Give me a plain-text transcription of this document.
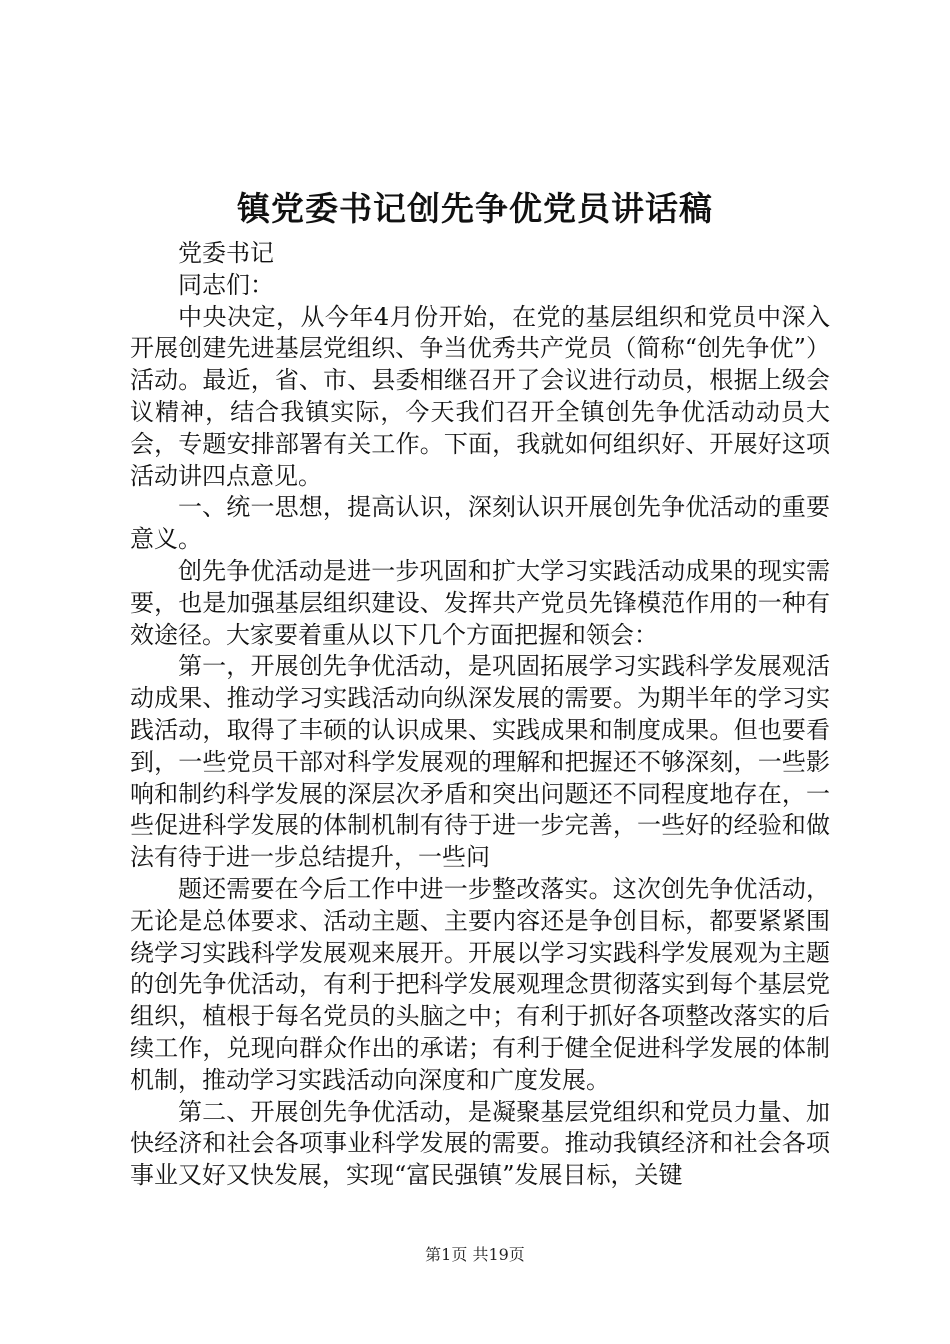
镇党委书记创先争优党员讲话稿

党委书记

同志们：

中央决定，从今年4月份开始，在党的基层组织和党员中深入开展创建先进基层党组织、争当优秀共产党员（简称“创先争优”）活动。最近，省、市、县委相继召开了会议进行动员，根据上级会议精神，结合我镇实际，今天我们召开全镇创先争优活动动员大会，专题安排部署有关工作。下面，我就如何组织好、开展好这项活动讲四点意见。

一、统一思想，提高认识，深刻认识开展创先争优活动的重要意义。

创先争优活动是进一步巩固和扩大学习实践活动成果的现实需要，也是加强基层组织建设、发挥共产党员先锋模范作用的一种有效途径。大家要着重从以下几个方面把握和领会：

第一，开展创先争优活动，是巩固拓展学习实践科学发展观活动成果、推动学习实践活动向纵深发展的需要。为期半年的学习实践活动，取得了丰硕的认识成果、实践成果和制度成果。但也要看到，一些党员干部对科学发展观的理解和把握还不够深刻，一些影响和制约科学发展的深层次矛盾和突出问题还不同程度地存在，一些促进科学发展的体制机制有待于进一步完善，一些好的经验和做法有待于进一步总结提升，一些问

题还需要在今后工作中进一步整改落实。这次创先争优活动，无论是总体要求、活动主题、主要内容还是争创目标，都要紧紧围绕学习实践科学发展观来展开。开展以学习实践科学发展观为主题的创先争优活动，有利于把科学发展观理念贯彻落实到每个基层党组织，植根于每名党员的头脑之中；有利于抓好各项整改落实的后续工作，兑现向群众作出的承诺；有利于健全促进科学发展的体制机制，推动学习实践活动向深度和广度发展。

第二、开展创先争优活动，是凝聚基层党组织和党员力量、加快经济和社会各项事业科学发展的需要。推动我镇经济和社会各项事业又好又快发展，实现“富民强镇”发展目标，关键

第1页 共19页
